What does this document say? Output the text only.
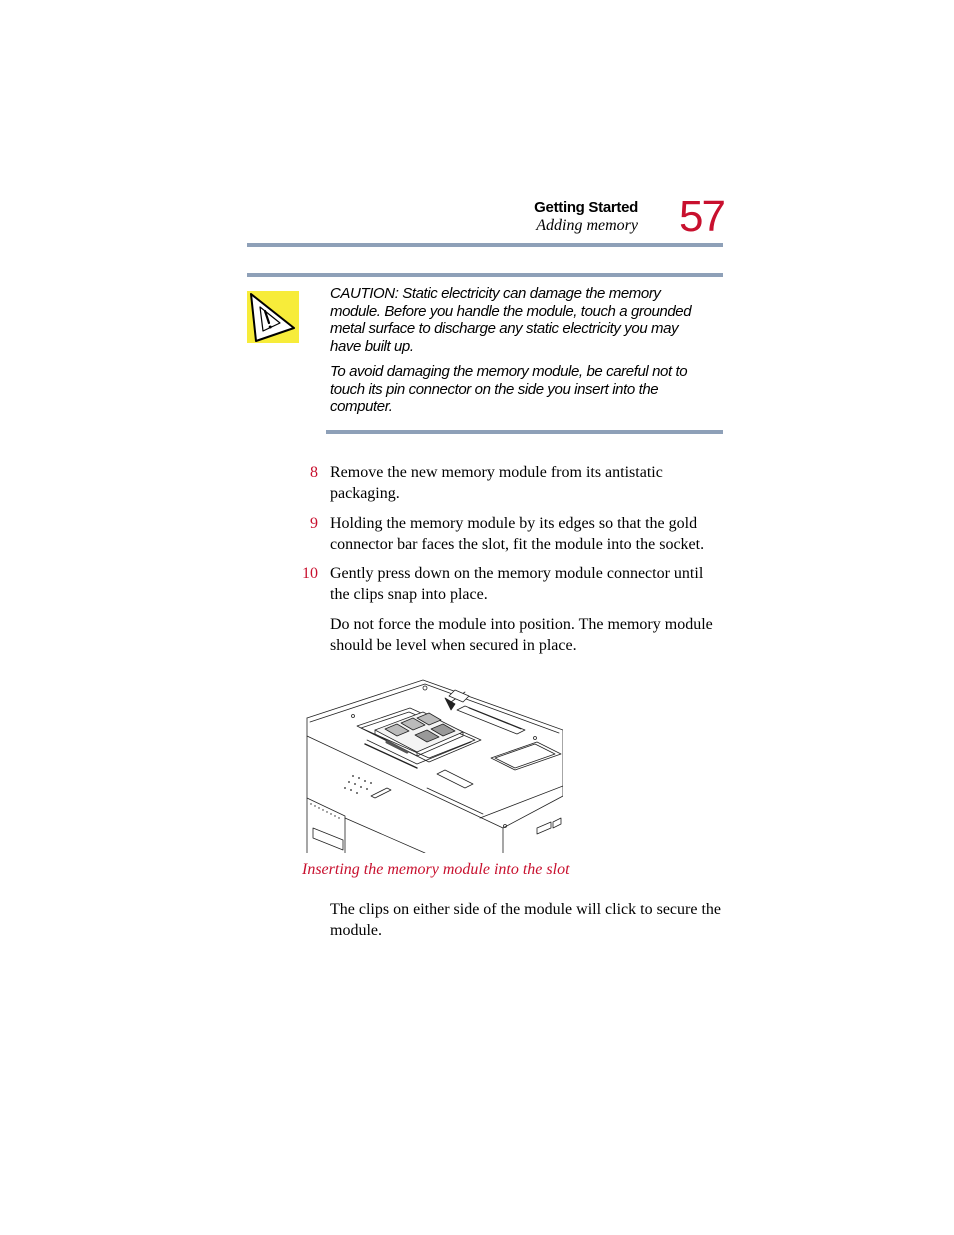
Getting Started
Adding memory 57
CAUTION: Static electricity can damage the memory module. Before you handle the module, touch a grounded metal surface to discharge any static electricity you may have built up.
To avoid damaging the memory module, be careful not to touch its pin connector on the side you insert into the computer.
8 Remove the new memory module from its antistatic packaging.
9 Holding the memory module by its edges so that the gold connector bar faces the slot, fit the module into the socket.
10 Gently press down on the memory module connector until the clips snap into place.
Do not force the module into position. The memory module should be level when secured in place.
Inserting the memory module into the slot
The clips on either side of the module will click to secure the module.
